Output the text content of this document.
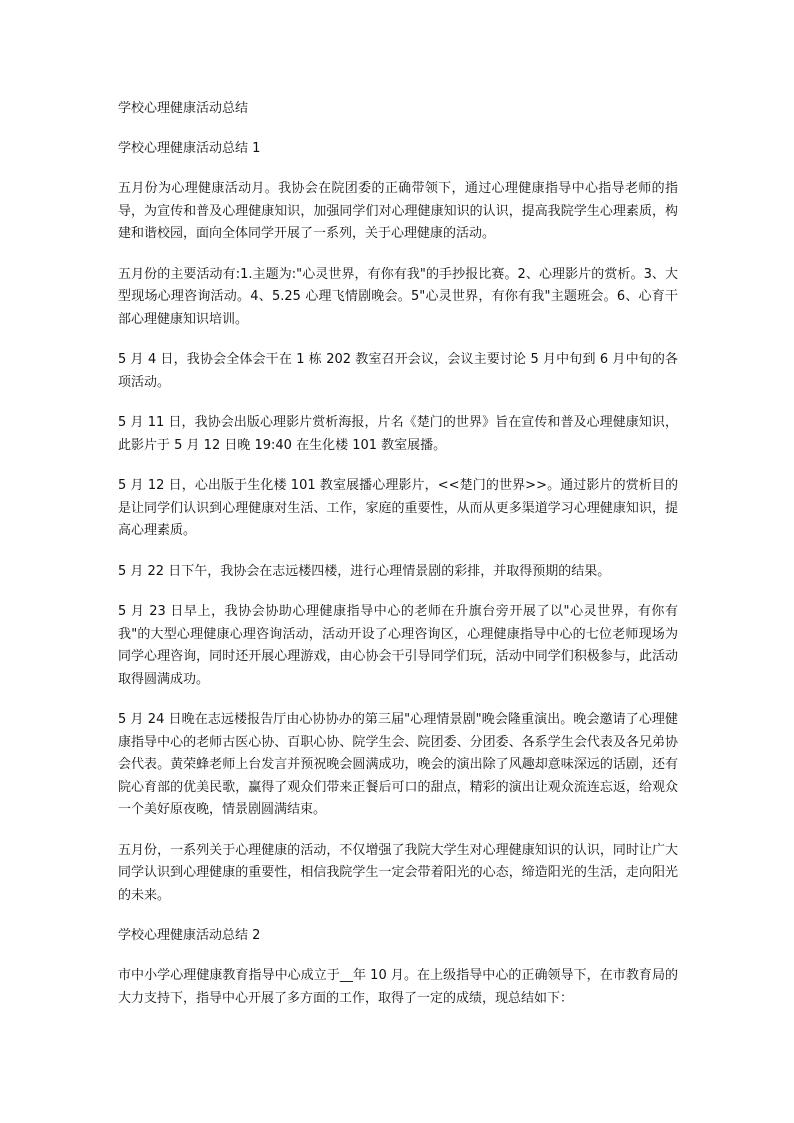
学校心理健康活动总结
学校心理健康活动总结 1

五月份为心理健康活动月。我协会在院团委的正确带领下，通过心理健康指导中心指导老师的指导，为宣传和普及心理健康知识，加强同学们对心理健康知识的认识，提高我院学生心理素质，构建和谐校园，面向全体同学开展了一系列，关于心理健康的活动。

五月份的主要活动有:1.主题为:"心灵世界，有你有我"的手抄报比赛。2、心理影片的赏析。3、大型现场心理咨询活动。4、5.25 心理飞情剧晚会。5"心灵世界，有你有我"主题班会。6、心育干部心理健康知识培训。

5 月 4 日，我协会全体会干在 1 栋 202 教室召开会议，会议主要讨论 5 月中旬到 6 月中旬的各项活动。

5 月 11 日，我协会出版心理影片赏析海报，片名《楚门的世界》旨在宣传和普及心理健康知识，此影片于 5 月 12 日晚 19:40 在生化楼 101 教室展播。

5 月 12 日，心出版于生化楼 101 教室展播心理影片，<<楚门的世界>>。通过影片的赏析目的是让同学们认识到心理健康对生活、工作，家庭的重要性，从而从更多渠道学习心理健康知识，提高心理素质。

5 月 22 日下午，我协会在志远楼四楼，进行心理情景剧的彩排，并取得预期的结果。

5 月 23 日早上，我协会协助心理健康指导中心的老师在升旗台旁开展了以"心灵世界，有你有我"的大型心理健康心理咨询活动，活动开设了心理咨询区，心理健康指导中心的七位老师现场为同学心理咨询，同时还开展心理游戏，由心协会干引导同学们玩，活动中同学们积极参与，此活动取得圆满成功。

5 月 24 日晚在志远楼报告厅由心协协办的第三届"心理情景剧"晚会隆重演出。晚会邀请了心理健康指导中心的老师古医心协、百职心协、院学生会、院团委、分团委、各系学生会代表及各兄弟协会代表。黄荣蜂老师上台发言并预祝晚会圆满成功，晚会的演出除了风趣却意味深远的话剧，还有院心育部的优美民歌，赢得了观众们带来正餐后可口的甜点，精彩的演出让观众流连忘返，给观众一个美好原夜晚，情景剧圆满结束。

五月份，一系列关于心理健康的活动，不仅增强了我院大学生对心理健康知识的认识，同时让广大同学认识到心理健康的重要性，相信我院学生一定会带着阳光的心态，缔造阳光的生活，走向阳光的未来。

学校心理健康活动总结 2

市中小学心理健康教育指导中心成立于__年 10 月。在上级指导中心的正确领导下，在市教育局的大力支持下，指导中心开展了多方面的工作，取得了一定的成绩，现总结如下：
